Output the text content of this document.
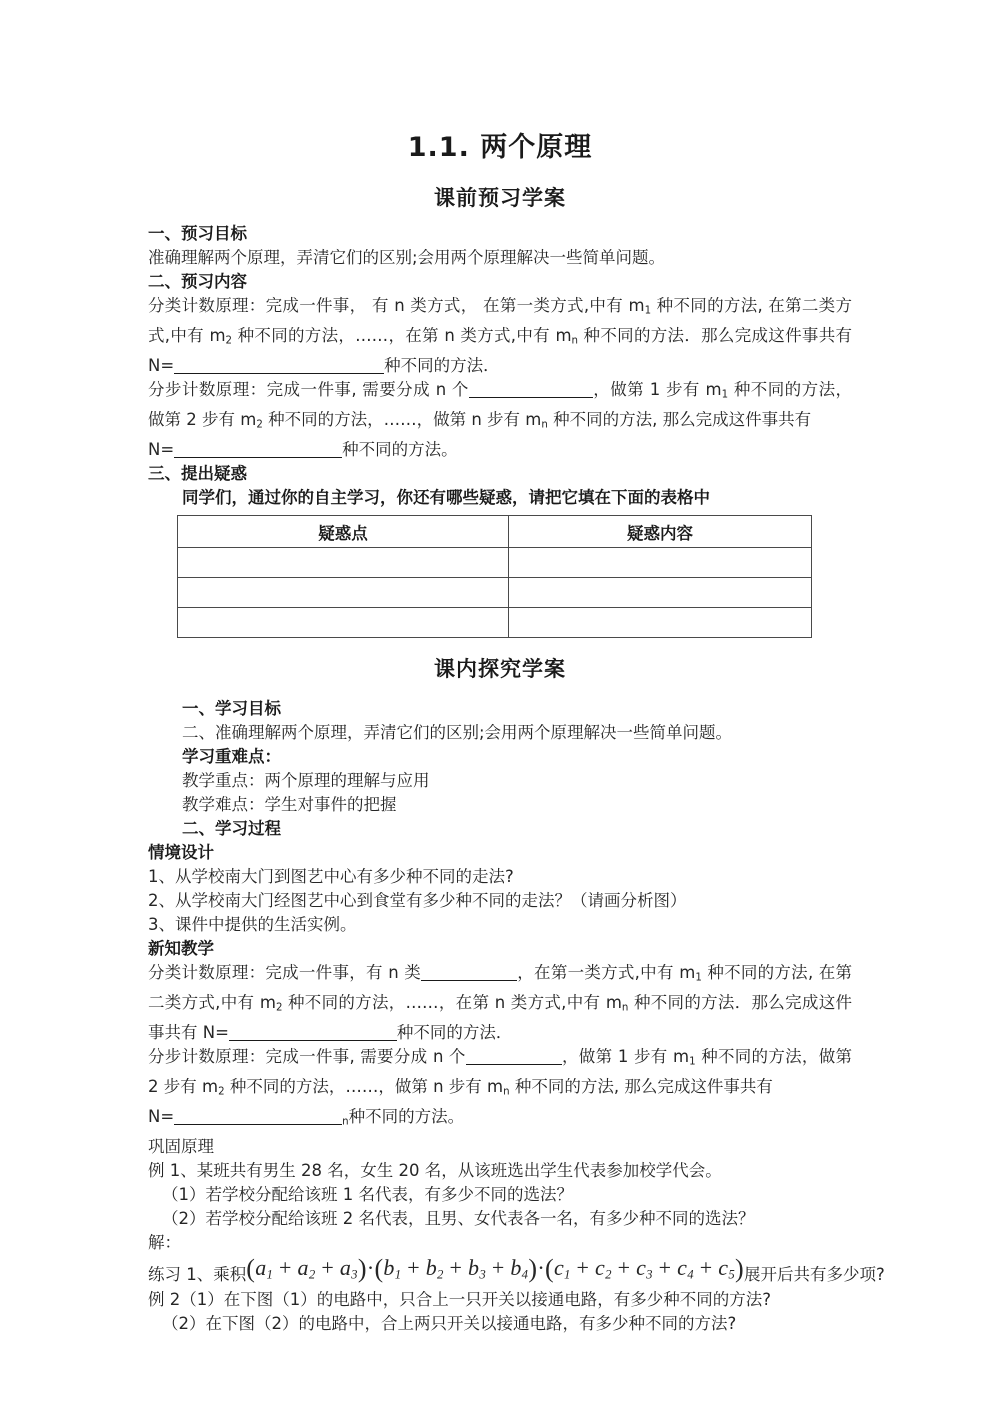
1.1. 两个原理
课前预习学案
一、预习目标
准确理解两个原理，弄清它们的区别;会用两个原理解决一些简单问题。
二、预习内容

分类计数原理：完成一件事， 有 n 类方式， 在第一类方式,中有 $m_1$ 种不同的方法, 在第二类方式,中有 $m_2$ 种不同的方法，……，在第 n 类方式,中有 $m_n$ 种不同的方法．那么完成这件事共有 N=	种不同的方法．

分步计数原理：完成一件事, 需要分成 n 个	，做第 1 步有 $m_1$ 种不同的方法，做第 2 步有 $m_2$ 种不同的方法，……，做第 n 步有 $m_n$ 种不同的方法, 那么完成这件事共有
N=	种不同的方法。

三、提出疑惑
同学们，通过你的自主学习，你还有哪些疑惑，请把它填在下面的表格中
疑惑点	疑惑内容

课内探究学案
一、学习目标
二、准确理解两个原理，弄清它们的区别;会用两个原理解决一些简单问题。
学习重难点：
教学重点：两个原理的理解与应用
教学难点：学生对事件的把握
二、学习过程
情境设计
1、从学校南大门到图艺中心有多少种不同的走法?
2、从学校南大门经图艺中心到食堂有多少种不同的走法？（请画分析图）
3、课件中提供的生活实例。
新知教学

分类计数原理：完成一件事，有 n 类	，在第一类方式,中有 $m_1$ 种不同的方法, 在第二类方式,中有 $m_2$ 种不同的方法，……，在第 n 类方式,中有 $m_n$ 种不同的方法．那么完成这件事共有 N=	种不同的方法．

分步计数原理：完成一件事, 需要分成 n 个	，做第 1 步有 $m_1$ 种不同的方法，做第 2 步有 $m_2$ 种不同的方法，……，做第 n 步有 $m_n$ 种不同的方法, 那么完成这件事共有
N=	$_n$种不同的方法。

巩固原理
例 1、某班共有男生 28 名，女生 20 名，从该班选出学生代表参加校学代会。
（1）若学校分配给该班 1 名代表，有多少不同的选法？
（2）若学校分配给该班 2 名代表，且男、女代表各一名，有多少种不同的选法？
解：
练习 1、乘积$(a_1 + a_2 + a_3)\cdot(b_1 + b_2 + b_3 + b_4)\cdot(c_1 + c_2 + c_3 + c_4 + c_5)$展开后共有多少项?
例 2（1）在下图（1）的电路中，只合上一只开关以接通电路，有多少种不同的方法?
（2）在下图（2）的电路中，合上两只开关以接通电路，有多少种不同的方法?
